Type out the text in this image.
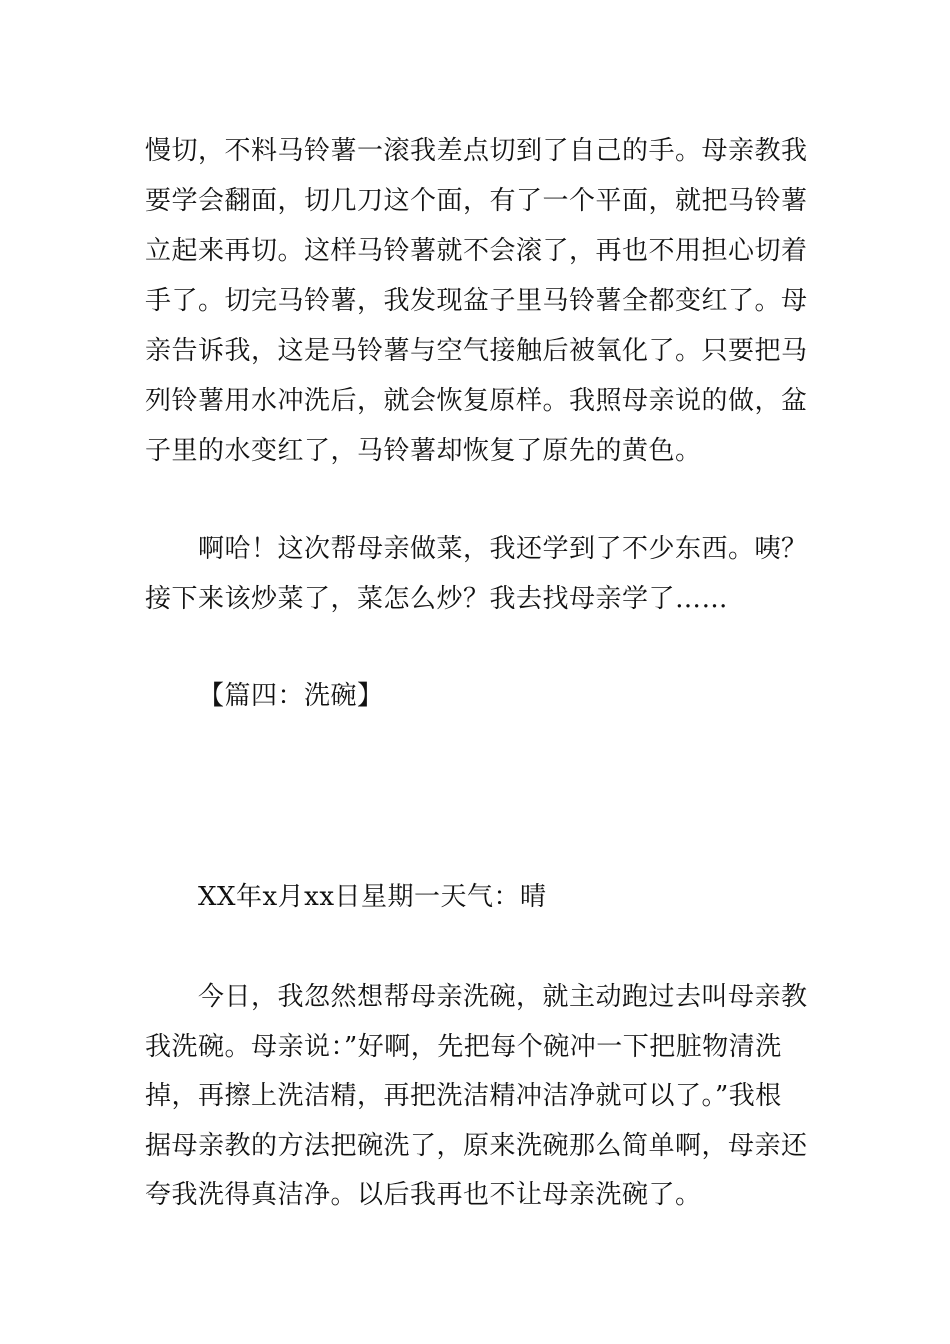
慢切，不料马铃薯一滚我差点切到了自己的手。母亲教我
要学会翻面，切几刀这个面，有了一个平面，就把马铃薯
立起来再切。这样马铃薯就不会滚了，再也不用担心切着
手了。切完马铃薯，我发现盆子里马铃薯全都变红了。母
亲告诉我，这是马铃薯与空气接触后被氧化了。只要把马
列铃薯用水冲洗后，就会恢复原样。我照母亲说的做，盆
子里的水变红了，马铃薯却恢复了原先的黄色。
啊哈！这次帮母亲做菜，我还学到了不少东西。咦？
接下来该炒菜了，菜怎么炒？我去找母亲学了……
【篇四：洗碗】
XX年x月xx日星期一天气：晴
今日，我忽然想帮母亲洗碗，就主动跑过去叫母亲教
我洗碗。母亲说：”好啊，先把每个碗冲一下把脏物清洗
掉，再擦上洗洁精，再把洗洁精冲洁净就可以了。”我根
据母亲教的方法把碗洗了，原来洗碗那么简单啊，母亲还
夸我洗得真洁净。以后我再也不让母亲洗碗了。
